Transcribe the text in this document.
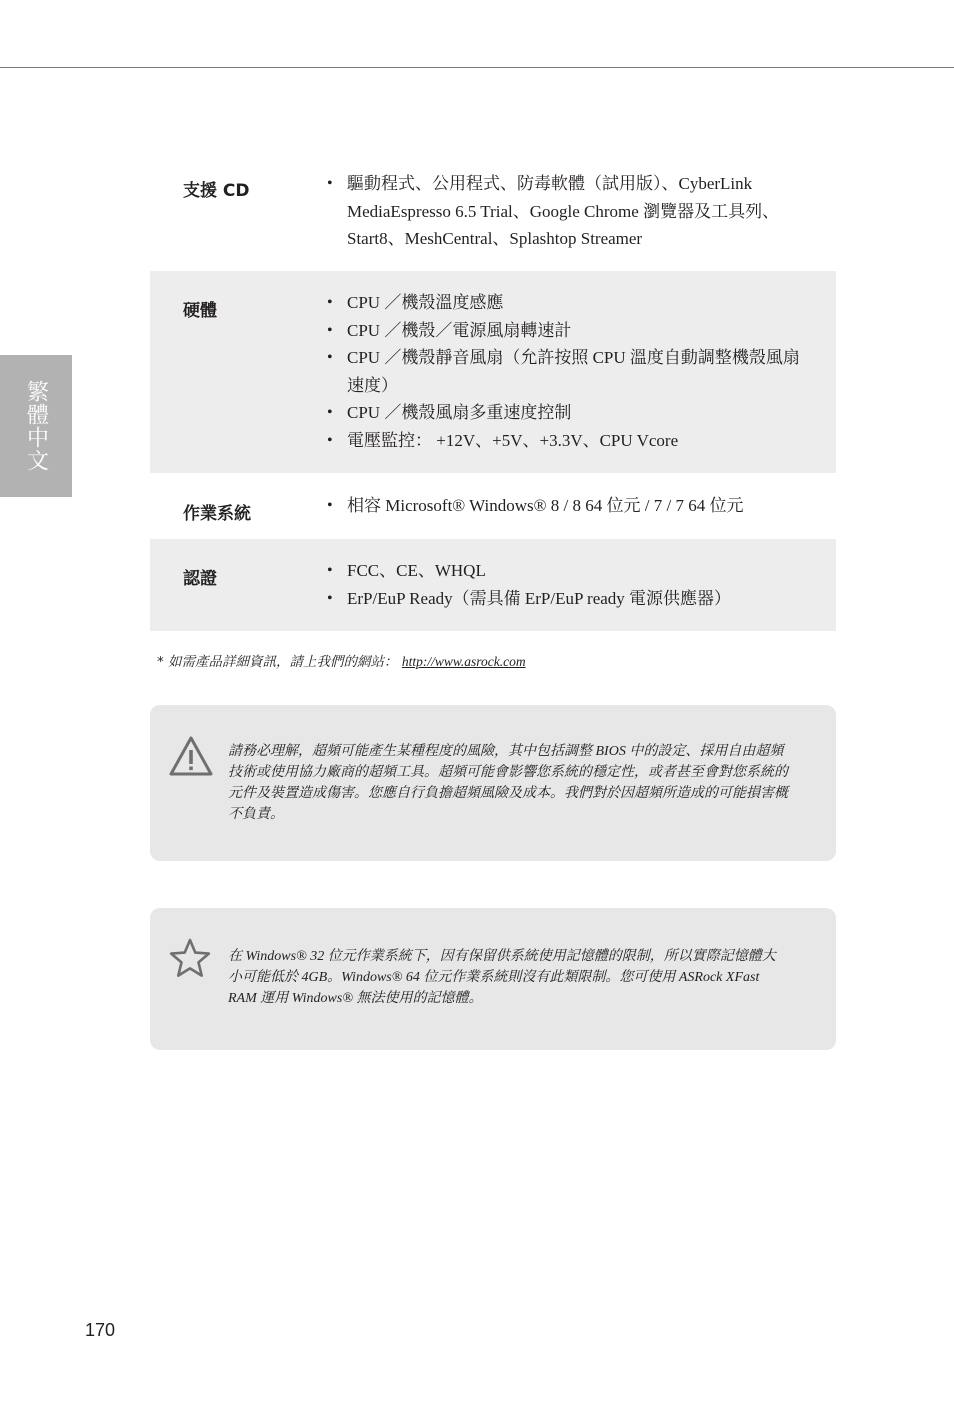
繁體中文
支援 CD	• 驅動程式、公用程式、防毒軟體（試用版）、CyberLink MediaEspresso 6.5 Trial、Google Chrome 瀏覽器及工具列、Start8、MeshCentral、Splashtop Streamer
硬體	• CPU ／機殼溫度感應
• CPU ／機殼／電源風扇轉速計
• CPU ／機殼靜音風扇（允許按照 CPU 溫度自動調整機殼風扇速度）
• CPU ／機殼風扇多重速度控制
• 電壓監控： +12V、+5V、+3.3V、CPU Vcore
作業系統	• 相容 Microsoft® Windows® 8 / 8 64 位元 / 7 / 7 64 位元
認證	• FCC、CE、WHQL
• ErP/EuP Ready（需具備 ErP/EuP ready 電源供應器）
* 如需產品詳細資訊，請上我們的網站： http://www.asrock.com

請務必理解，超頻可能產生某種程度的風險，其中包括調整 BIOS 中的設定、採用自由超頻技術或使用協力廠商的超頻工具。超頻可能會影響您系統的穩定性，或者甚至會對您系統的元件及裝置造成傷害。您應自行負擔超頻風險及成本。我們對於因超頻所造成的可能損害概不負責。

在 Windows® 32 位元作業系統下，因有保留供系統使用記憶體的限制，所以實際記憶體大小可能低於 4GB。Windows® 64 位元作業系統則沒有此類限制。您可使用 ASRock XFast RAM 運用 Windows® 無法使用的記憶體。

170
